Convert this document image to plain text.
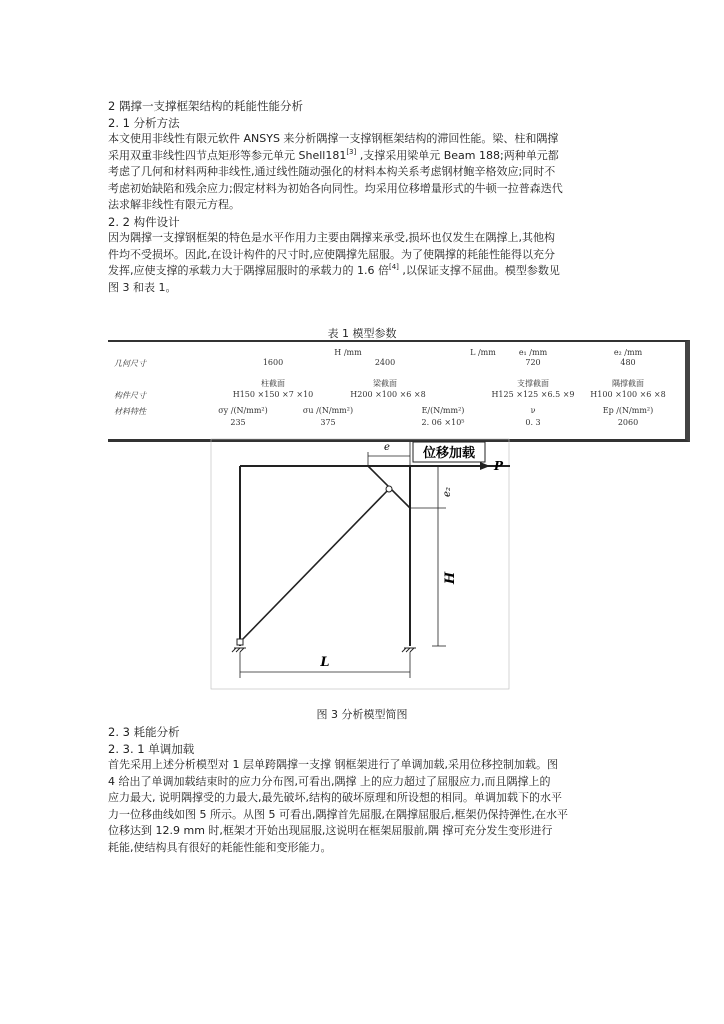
2 隅撑一支撑框架结构的耗能性能分析
2. 1 分析方法
本文使用非线性有限元软件 ANSYS 来分析隅撑一支撑钢框架结构的滞回性能。梁、柱和隅撑
采用双重非线性四节点矩形等参元单元 Shell181[3] ,支撑采用梁单元 Beam 188;两种单元都
考虑了几何和材料两种非线性,通过线性随动强化的材料本构关系考虑钢材鲍辛格效应;同时不
考虑初始缺陷和残余应力;假定材料为初始各向同性。均采用位移增量形式的牛顿一拉普森迭代
法求解非线性有限元方程。
2. 2 构件设计
因为隅撑一支撑钢框架的特色是水平作用力主要由隅撑来承受,损坏也仅发生在隅撑上,其他构
件均不受损坏。因此,在设计构件的尺寸时,应使隅撑先屈服。为了使隅撑的耗能性能得以充分
发挥,应使支撑的承载力大于隅撑屈服时的承载力的 1.6 倍[4] ,以保证支撑不屈曲。模型参数见
图 3 和表 1。
表 1 模型参数
H /mm	L /mm	e₁ /mm	e₂ /mm
几何尺寸	1600	2400	720	480
柱截面	梁截面	支撑截面	隅撑截面
构件尺寸	H150 ×150 ×7 ×10	H200 ×100 ×6 ×8	H125 ×125 ×6.5 ×9	H100 ×100 ×6 ×8
材料特性	σy /(N/mm²)	σu /(N/mm²)	E/(N/mm²)	ν	Ep /(N/mm²)
235	375	2. 06 ×10⁵	0. 3	2060
e	位移加载
P
e₂
H
L
图 3 分析模型简图
2. 3 耗能分析
2. 3. 1 单调加载
首先采用上述分析模型对 1 层单跨隅撑一支撑 钢框架进行了单调加载,采用位移控制加载。图
4 给出了单调加载结束时的应力分布图,可看出,隅撑 上的应力超过了屈服应力,而且隅撑上的
应力最大, 说明隅撑受的力最大,最先破坏,结构的破坏原理和所设想的相同。单调加载下的水平
力一位移曲线如图 5 所示。从图 5 可看出,隅撑首先屈服,在隅撑屈服后,框架仍保持弹性,在水平
位移达到 12.9 mm 时,框架才开始出现屈服,这说明在框架屈服前,隅 撑可充分发生变形进行
耗能,使结构具有很好的耗能性能和变形能力。
